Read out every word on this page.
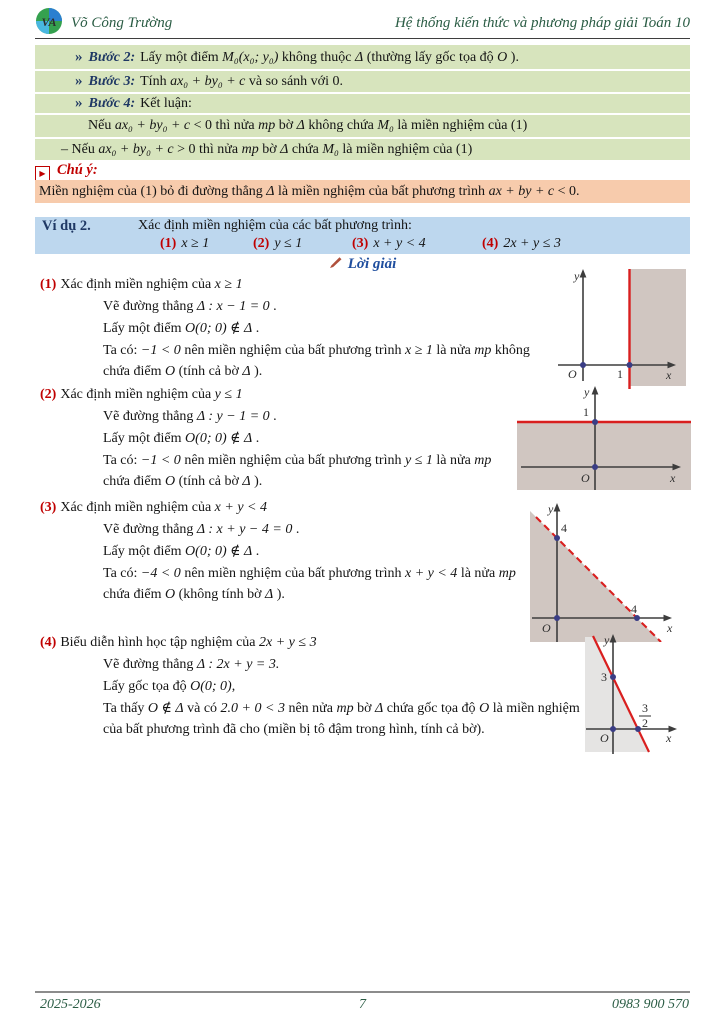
VA Võ Công Trường	Hệ thống kiến thức và phương pháp giải Toán 10
» Bước 2: Lấy một điểm M₀(x₀; y₀) không thuộc Δ (thường lấy gốc tọa độ O ).
» Bước 3: Tính ax₀ + by₀ + c và so sánh với 0.
» Bước 4: Kết luận:
Nếu ax₀ + by₀ + c < 0 thì nửa mp bờ Δ không chứa M₀ là miền nghiệm của (1)
– Nếu ax₀ + by₀ + c > 0 thì nửa mp bờ Δ chứa M₀ là miền nghiệm của (1)
▶ Chú ý:
Miền nghiệm của (1) bỏ đi đường thẳng Δ là miền nghiệm của bất phương trình ax + by + c < 0.
Ví dụ 2.	Xác định miền nghiệm của các bất phương trình:
(1) x ≥ 1	(2) y ≤ 1	(3) x + y < 4	(4) 2x + y ≤ 3
Lời giải
(1) Xác định miền nghiệm của x ≥ 1
Vẽ đường thẳng Δ : x − 1 = 0 .
Lấy một điểm O(0; 0) ∉ Δ .
Ta có: −1 < 0 nên miền nghiệm của bất phương trình x ≥ 1 là nửa mp không chứa điểm O (tính cả bờ Δ ).
y
x
O	1
(2) Xác định miền nghiệm của y ≤ 1
Vẽ đường thẳng Δ : y − 1 = 0 .
Lấy một điểm O(0; 0) ∉ Δ .
Ta có: −1 < 0 nên miền nghiệm của bất phương trình y ≤ 1 là nửa mp chứa điểm O (tính cả bờ Δ ).
1
y
O	x
(3) Xác định miền nghiệm của x + y < 4
Vẽ đường thẳng Δ : x + y − 4 = 0 .
Lấy một điểm O(0; 0) ∉ Δ .
Ta có: −4 < 0 nên miền nghiệm của bất phương trình x + y < 4 là nửa mp chứa điểm O (không tính bờ Δ ).
y
4
4
O	x
(4) Biểu diễn hình học tập nghiệm của 2x + y ≤ 3
Vẽ đường thẳng Δ : 2x + y = 3.
Lấy gốc tọa độ O(0; 0),
Ta thấy O ∉ Δ và có 2.0 + 0 < 3 nên nửa mp bờ Δ chứa gốc tọa độ O là miền nghiệm của bất phương trình đã cho (miền bị tô đậm trong hình, tính cả bờ).
y
3
3
2
O	x
2025-2026	7	0983 900 570
